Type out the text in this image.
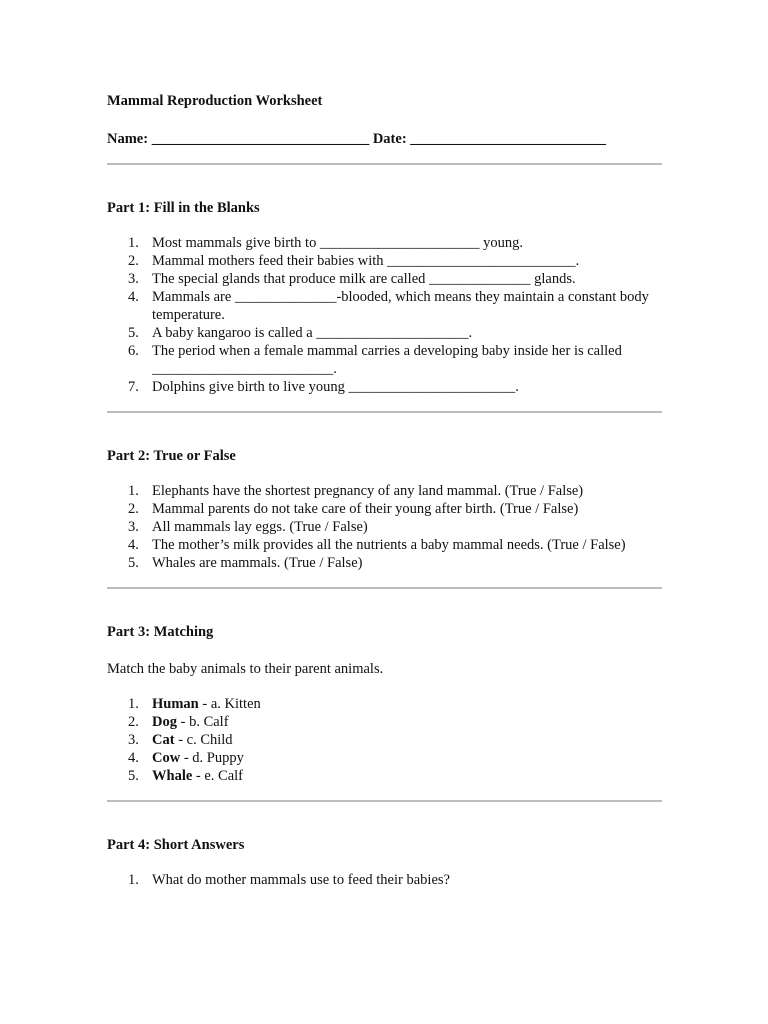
Mammal Reproduction Worksheet

Name: ______________________________ Date: ___________________________

Part 1: Fill in the Blanks

1. Most mammals give birth to ______________________ young.
2. Mammal mothers feed their babies with __________________________.
3. The special glands that produce milk are called ______________ glands.
4. Mammals are ______________-blooded, which means they maintain a constant body temperature.
5. A baby kangaroo is called a _____________________.
6. The period when a female mammal carries a developing baby inside her is called _________________________.
7. Dolphins give birth to live young _______________________.

Part 2: True or False

1. Elephants have the shortest pregnancy of any land mammal. (True / False)
2. Mammal parents do not take care of their young after birth. (True / False)
3. All mammals lay eggs. (True / False)
4. The mother’s milk provides all the nutrients a baby mammal needs. (True / False)
5. Whales are mammals. (True / False)

Part 3: Matching

Match the baby animals to their parent animals.

1. Human - a. Kitten
2. Dog - b. Calf
3. Cat - c. Child
4. Cow - d. Puppy
5. Whale - e. Calf

Part 4: Short Answers

1. What do mother mammals use to feed their babies?
